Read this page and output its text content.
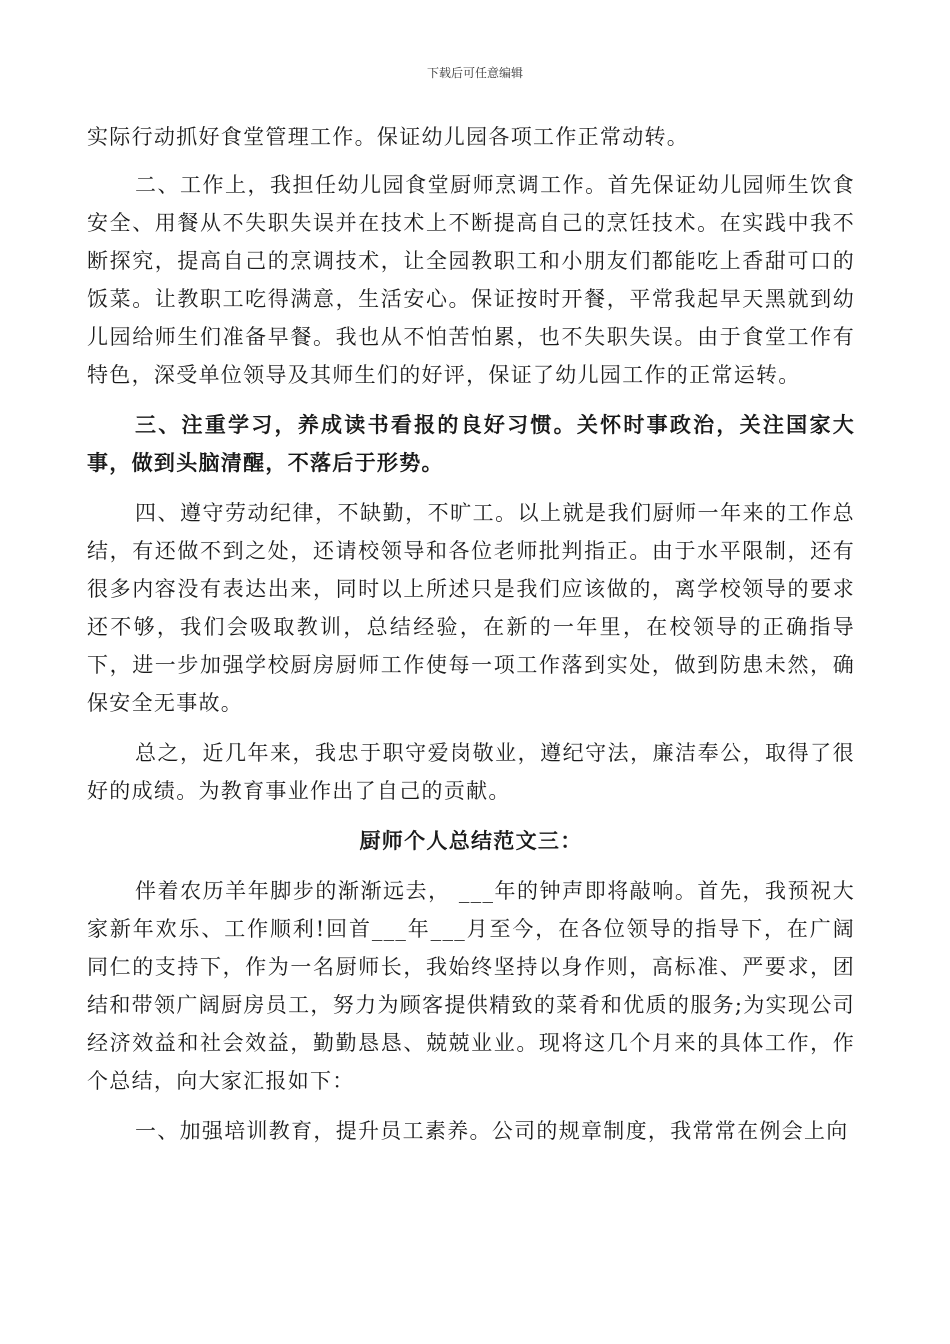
下载后可任意编辑

实际行动抓好食堂管理工作。保证幼儿园各项工作正常动转。

二、工作上，我担任幼儿园食堂厨师烹调工作。首先保证幼儿园师生饮食安全、用餐从不失职失误并在技术上不断提高自己的烹饪技术。在实践中我不断探究，提高自己的烹调技术，让全园教职工和小朋友们都能吃上香甜可口的饭菜。让教职工吃得满意，生活安心。保证按时开餐，平常我起早天黑就到幼儿园给师生们准备早餐。我也从不怕苦怕累，也不失职失误。由于食堂工作有特色，深受单位领导及其师生们的好评，保证了幼儿园工作的正常运转。

三、注重学习，养成读书看报的良好习惯。关怀时事政治，关注国家大事，做到头脑清醒，不落后于形势。

四、遵守劳动纪律，不缺勤，不旷工。以上就是我们厨师一年来的工作总结，有还做不到之处，还请校领导和各位老师批判指正。由于水平限制，还有很多内容没有表达出来，同时以上所述只是我们应该做的，离学校领导的要求还不够，我们会吸取教训，总结经验，在新的一年里，在校领导的正确指导下，进一步加强学校厨房厨师工作使每一项工作落到实处，做到防患未然，确保安全无事故。

总之，近几年来，我忠于职守爱岗敬业，遵纪守法，廉洁奉公，取得了很好的成绩。为教育事业作出了自己的贡献。

厨师个人总结范文三：

伴着农历羊年脚步的渐渐远去， ___年的钟声即将敲响。首先，我预祝大家新年欢乐、工作顺利!回首___年___月至今，在各位领导的指导下，在广阔同仁的支持下，作为一名厨师长，我始终坚持以身作则，高标准、严要求，团结和带领广阔厨房员工，努力为顾客提供精致的菜肴和优质的服务;为实现公司经济效益和社会效益，勤勤恳恳、兢兢业业。现将这几个月来的具体工作，作个总结，向大家汇报如下：

一、加强培训教育，提升员工素养。公司的规章制度，我常常在例会上向
